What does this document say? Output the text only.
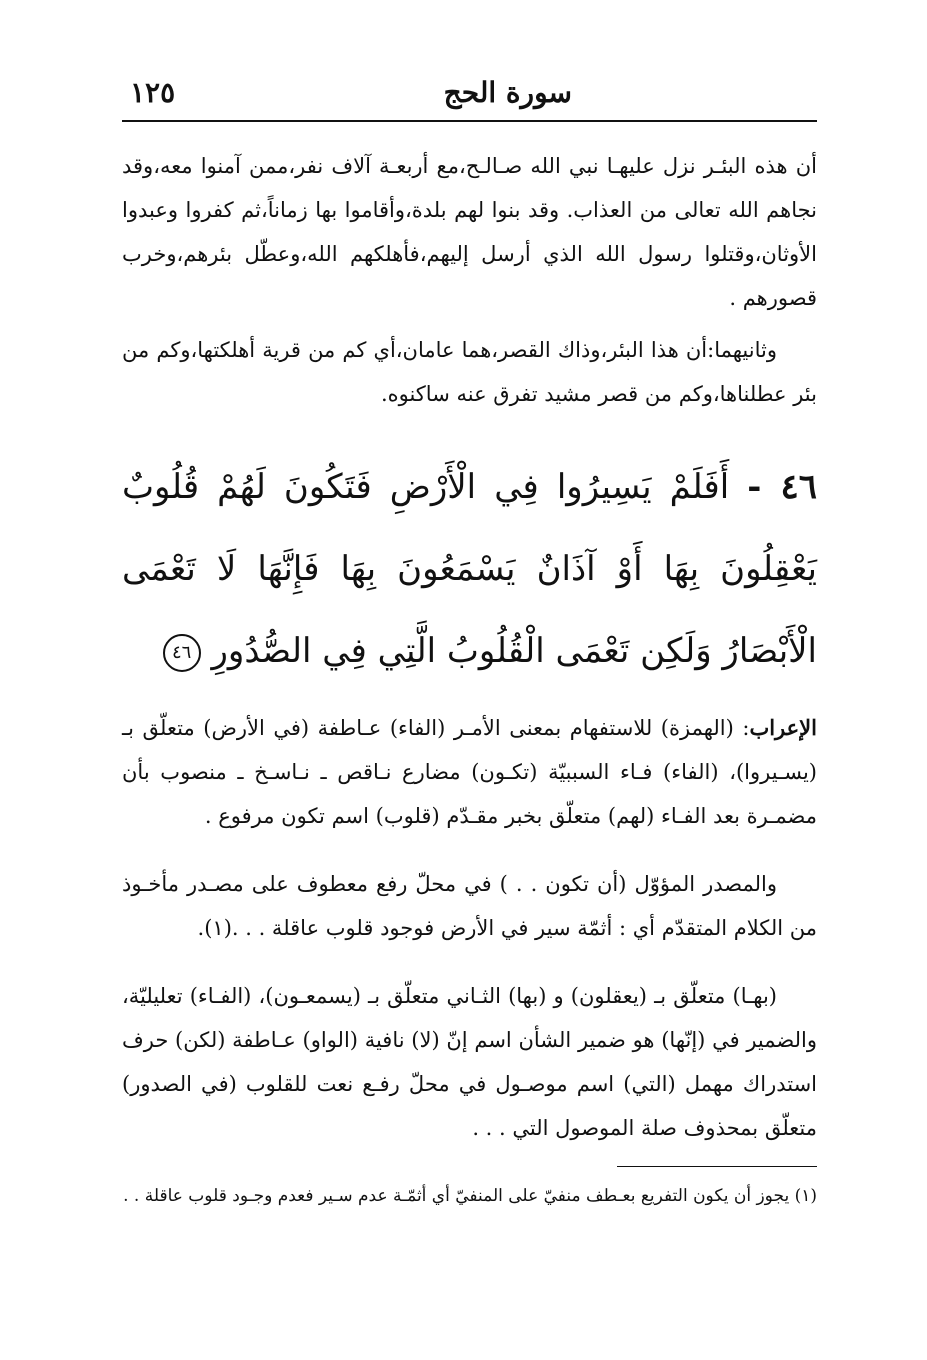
سورة الحج
١٢٥

أن هذه البئـر نزل عليهـا نبي الله صـالـح،مع أربعـة آلاف نفر،ممن آمنوا معه،وقد نجاهم الله تعالى من العذاب. وقد بنوا لهم بلدة،وأقاموا بها زماناً،ثم كفروا وعبدوا الأوثان،وقتلوا رسول الله الذي أرسل إليهم،فأهلكهم الله،وعطّل بئرهم،وخرب قصورهم .

وثانيهما:أن هذا البئر،وذاك القصر،هما عامان،أي كم من قرية أهلكتها،وكم من بئر عطلناها،وكم من قصر مشيد تفرق عنه ساكنوه.

٤٦ - أَفَلَمْ يَسِيرُوا فِي الْأَرْضِ فَتَكُونَ لَهُمْ قُلُوبٌ يَعْقِلُونَ بِهَا أَوْ آذَانٌ يَسْمَعُونَ بِهَا فَإِنَّهَا لَا تَعْمَى الْأَبْصَارُ وَلَكِن تَعْمَى الْقُلُوبُ الَّتِي فِي الصُّدُورِ ٤٦

الإعراب: (الهمزة) للاستفهام بمعنى الأمـر (الفاء) عـاطفة (في الأرض) متعلّق بـ (يسـيروا)، (الفاء) فـاء السببيّة (تكـون) مضارع نـاقص ـ نـاسـخ ـ منصوب بأن مضمـرة بعد الفـاء (لهم) متعلّق بخبر مقـدّم (قلوب) اسم تكون مرفوع .

والمصدر المؤوّل (أن تكون . . ) في محلّ رفع معطوف على مصـدر مأخـوذ من الكلام المتقدّم أي : أثمّة سير في الأرض فوجود قلوب عاقلة . . .(١).

(بهـا) متعلّق بـ (يعقلون) و (بها) الثـاني متعلّق بـ (يسمعـون)، (الفـاء) تعليليّة، والضمير في (إنّها) هو ضمير الشأن اسم إنّ (لا) نافية (الواو) عـاطفة (لكن) حرف استدراك مهمل (التي) اسم موصـول في محلّ رفـع نعت للقلوب (في الصدور) متعلّق بمحذوف صلة الموصول التي . . .

(١) يجوز أن يكون التفريع بعـطف منفيّ على المنفيّ أي أثمّـة عدم سـير فعدم وجـود قلوب عاقلة . .
